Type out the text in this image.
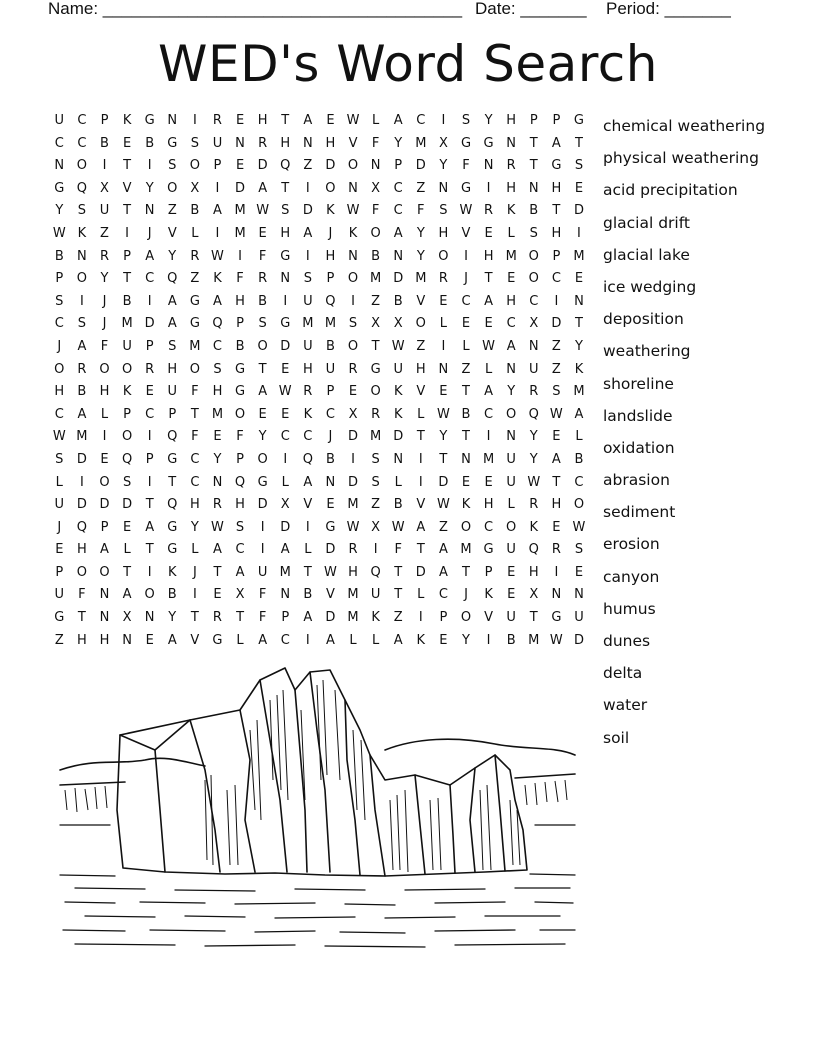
Name: ______________________________________ Date: _______ Period: _______
WED's Word Search
U	C	P	K	G N	I	R	E	H	T	A	E W L	A	C	I	S	Y	H	P	P	G
C	C	B	E	B	G	S	U N	R	H N H	V	F	Y	M X	G G N	T	A	T
N O	I	T	I	S	O	P	E	D Q	Z	D O N	P	D	Y	F	N	R	T	G	S
G Q	X	V	Y	O	X	I	D	A	T	I	O N	X	C	Z	N G	I	H N H	E
Y	S	U	T	N	Z	B	A M W S	D	K W F	C	F	S W R	K	B	T	D
W K	Z	I	J	V	L	I	M E	H	A	J	K	O	A	Y	H	V	E	L	S	H	I
B	N	R	P	A	Y	R W	I	F	G	I	H N	B	N	Y	O	I	H M O	P	M
P	O	Y	T	C Q	Z	K	F	R	N	S	P	O M D M R	J	T	E	O C	E
S	I	J	B	I	A	G	A	H	B	I	U Q	I	Z	B	V	E	C	A	H	C	I	N
C	S	J	M D	A	G Q	P	S	G M M S	X	X	O	L	E	E	C	X	D	T
J	A	F	U	P	S M C	B	O D U	B	O	T W Z	I	L W A	N	Z	Y
O R O O R	H O	S	G	T	E	H U	R	G U H N	Z	L	N U	Z	K
H	B	H	K	E	U	F	H G	A W R	P	E	O	K	V	E	T	A	Y	R	S M
C	A	L	P	C	P	T	M O	E	E	K	C	X	R	K	L W B	C O Q W A
W M	I	O	I	Q	F	E	F	Y	C	C	J	D M D	T	Y	T	I	N	Y	E	L
S	D	E	Q	P	G	C	Y	P	O	I	Q	B	I	S	N	I	T	N M U	Y	A	B
L	I	O	S	I	T	C	N Q G	L	A	N D	S	L	I	D	E	E	U W T	C
U D D D	T	Q H	R	H D	X	V	E M Z	B	V W K	H	L	R	H O
J	Q	P	E	A	G	Y W S	I	D	I	G W X W A	Z	O C O	K	E W
E	H	A	L	T	G	L	A	C	I	A	L	D	R	I	F	T	A M G U Q R	S
P	O O	T	I	K	J	T	A	U M	T W H Q	T	D	A	T	P	E	H	I	E
U	F	N	A	O	B	I	E	X	F	N	B	V M U	T	L	C	J	K	E	X	N N
G	T	N	X	N	Y	T	R	T	F	P	A	D M K	Z	I	P	O	V	U	T	G U
Z	H H N	E	A	V	G	L	A	C	I	A	L	L	A	K	E	Y	I	B M W D
chemical weathering
physical weathering
acid precipitation
glacial drift
glacial lake
ice wedging
deposition
weathering
shoreline
landslide
oxidation
abrasion
sediment
erosion
canyon
humus
dunes
delta
water
soil
